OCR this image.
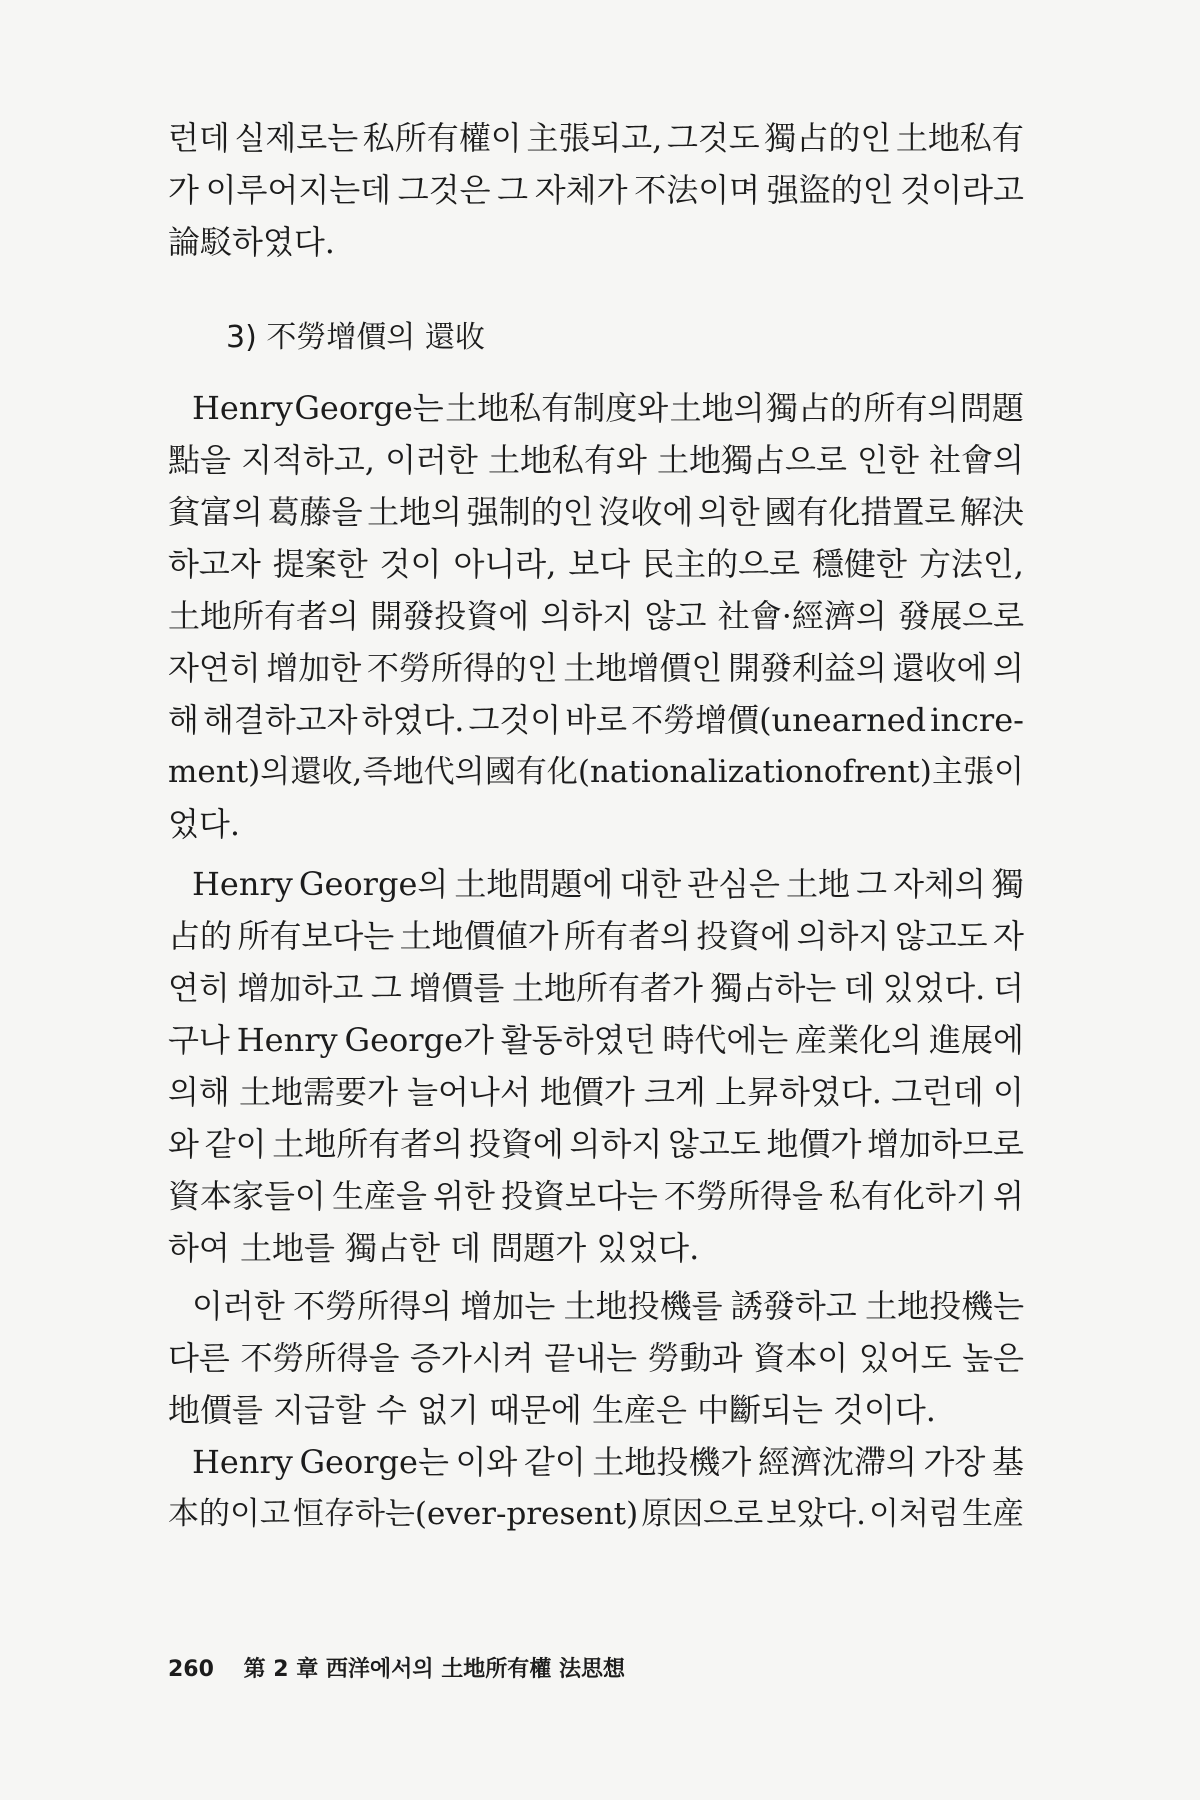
런데 실제로는 私所有權이 主張되고, 그것도 獨占的인 土地私有
가 이루어지는데 그것은 그 자체가 不法이며 强盜的인 것이라고
論駁하였다.
3) 不勞增價의 還收
Henry George는 土地私有制度와 土地의 獨占的 所有의 問題
點을 지적하고, 이러한 土地私有와 土地獨占으로 인한 社會의
貧富의 葛藤을 土地의 强制的인 沒收에 의한 國有化措置로 解決
하고자 提案한 것이 아니라, 보다 民主的으로 穩健한 方法인,
土地所有者의 開發投資에 의하지 않고 社會·經濟의 發展으로
자연히 增加한 不勞所得的인 土地增價인 開發利益의 還收에 의
해 해결하고자 하였다. 그것이 바로 不勞增價(unearned incre-
ment)의 還收, 즉 地代의 國有化(nationalization of rent) 主張이
었다.
Henry George의 土地問題에 대한 관심은 土地 그 자체의 獨
占的 所有보다는 土地價値가 所有者의 投資에 의하지 않고도 자
연히 增加하고 그 增價를 土地所有者가 獨占하는 데 있었다. 더
구나 Henry George가 활동하였던 時代에는 産業化의 進展에
의해 土地需要가 늘어나서 地價가 크게 上昇하였다. 그런데 이
와 같이 土地所有者의 投資에 의하지 않고도 地價가 增加하므로
資本家들이 生産을 위한 投資보다는 不勞所得을 私有化하기 위
하여 土地를 獨占한 데 問題가 있었다.
이러한 不勞所得의 增加는 土地投機를 誘發하고 土地投機는
다른 不勞所得을 증가시켜 끝내는 勞動과 資本이 있어도 높은
地價를 지급할 수 없기 때문에 生産은 中斷되는 것이다.
Henry George는 이와 같이 土地投機가 經濟沈滯의 가장 基
本的이고 恒存하는(ever-present) 原因으로 보았다. 이처럼 生産
260 第 2 章 西洋에서의 土地所有權 法思想
